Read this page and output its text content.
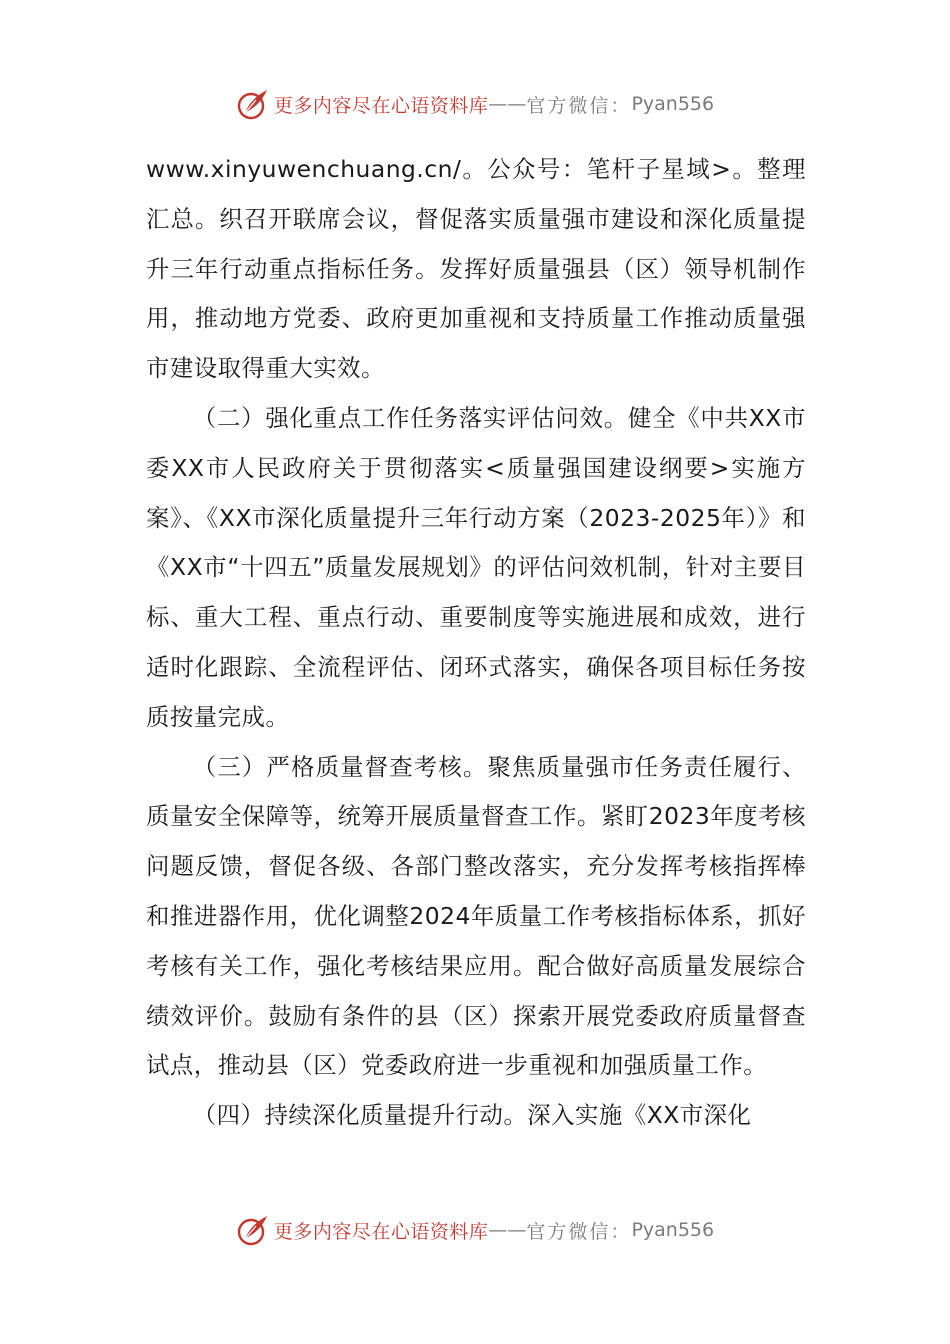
更多内容尽在心语资料库 —— 官方微信： Pyan556

www.xinyuwenchuang.cn/。公众号：笔杆子星域>。整理汇总。织召开联席会议，督促落实质量强市建设和深化质量提升三年行动重点指标任务。发挥好质量强县（区）领导机制作用，推动地方党委、政府更加重视和支持质量工作推动质量强市建设取得重大实效。

（二）强化重点工作任务落实评估问效。健全《中共XX市委XX市人民政府关于贯彻落实<质量强国建设纲要>实施方案》、《XX市深化质量提升三年行动方案（2023-2025年）》和《XX市“十四五”质量发展规划》的评估问效机制，针对主要目标、重大工程、重点行动、重要制度等实施进展和成效，进行适时化跟踪、全流程评估、闭环式落实，确保各项目标任务按质按量完成。

（三）严格质量督查考核。聚焦质量强市任务责任履行、质量安全保障等，统筹开展质量督查工作。紧盯2023年度考核问题反馈，督促各级、各部门整改落实，充分发挥考核指挥棒和推进器作用，优化调整2024年质量工作考核指标体系，抓好考核有关工作，强化考核结果应用。配合做好高质量发展综合绩效评价。鼓励有条件的县（区）探索开展党委政府质量督查试点，推动县（区）党委政府进一步重视和加强质量工作。

（四）持续深化质量提升行动。深入实施《XX市深化

更多内容尽在心语资料库 —— 官方微信： Pyan556
